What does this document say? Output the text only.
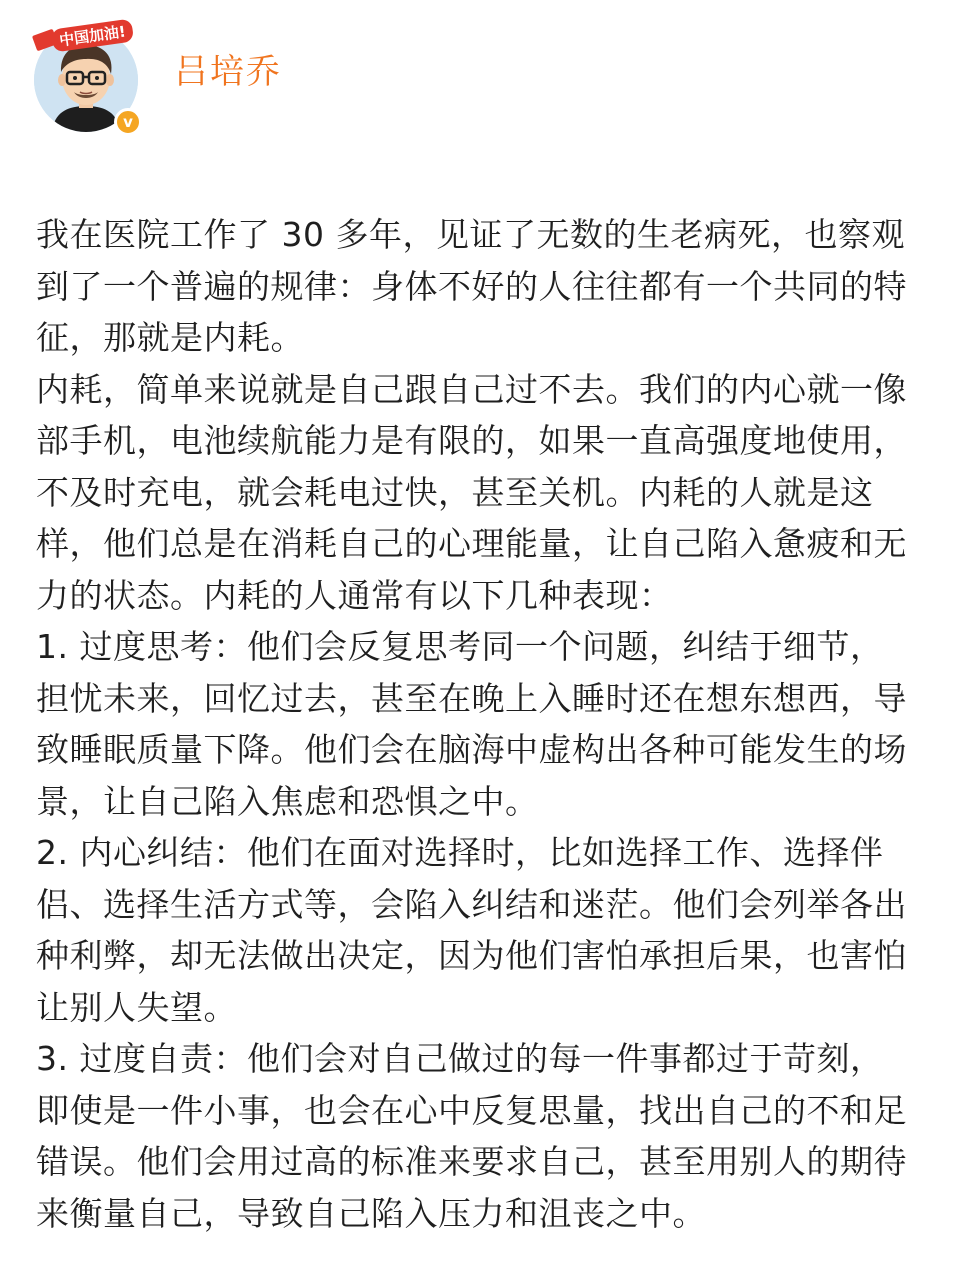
中国加油!
v
吕培乔

我在医院工作了 30 多年，见证了无数的生老病死，也察观到了一个普遍的规律：身体不好的人往往都有一个共同的特征，那就是内耗。

内耗，简单来说就是自己跟自己过不去。我们的内心就一像部手机，电池续航能力是有限的，如果一直高强度地使用，不及时充电，就会耗电过快，甚至关机。内耗的人就是这样，他们总是在消耗自己的心理能量，让自己陷入惫疲和无力的状态。内耗的人通常有以下几种表现：

1. 过度思考：他们会反复思考同一个问题，纠结于细节，担忧未来，回忆过去，甚至在晚上入睡时还在想东想西，导致睡眠质量下降。他们会在脑海中虚构出各种可能发生的场景，让自己陷入焦虑和恐惧之中。

2. 内心纠结：他们在面对选择时，比如选择工作、选择伴侣、选择生活方式等，会陷入纠结和迷茫。他们会列举各出种利弊，却无法做出决定，因为他们害怕承担后果，也害怕让别人失望。

3. 过度自责：他们会对自己做过的每一件事都过于苛刻，即使是一件小事，也会在心中反复思量，找出自己的不和足错误。他们会用过高的标准来要求自己，甚至用别人的期待来衡量自己，导致自己陷入压力和沮丧之中。
